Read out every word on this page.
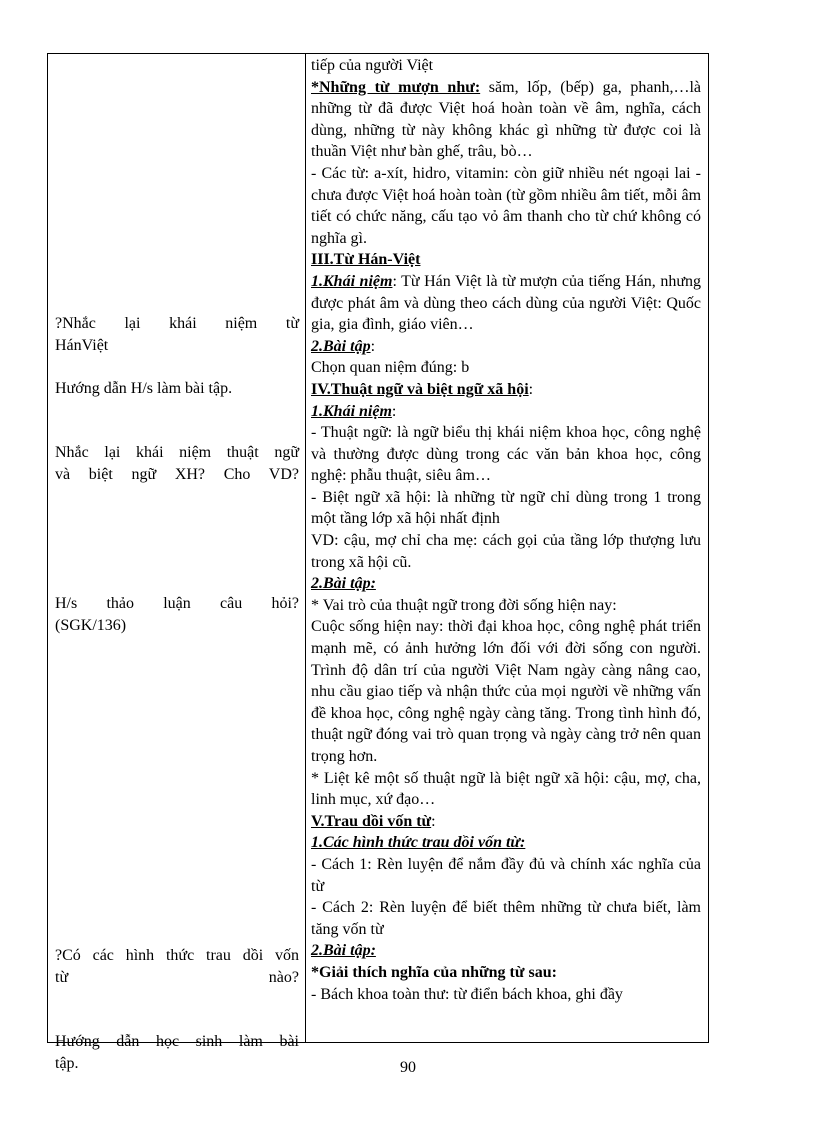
?Nhắc lại khái niệm từ
HánViệt

Hướng dẫn H/s làm bài tập.

Nhắc lại khái niệm thuật ngữ
và biệt ngữ XH? Cho VD?

H/s thảo luận câu hỏi?
(SGK/136)

?Có các hình thức trau dồi vốn
từ nào?

Hướng dẫn học sinh làm bài
tập.

tiếp của người Việt

*Những từ mượn như: săm, lốp, (bếp) ga, phanh,…là những từ đã được Việt hoá hoàn toàn về âm, nghĩa, cách dùng, những từ này không khác gì những từ được coi là thuần Việt như bàn ghế, trâu, bò…

- Các từ: a-xít, hidro, vitamin: còn giữ nhiều nét ngoại lai - chưa được Việt hoá hoàn toàn (từ gồm nhiều âm tiết, mỗi âm tiết có chức năng, cấu tạo vỏ âm thanh cho từ chứ không có nghĩa gì.

III.Từ Hán-Việt

1.Khái niệm: Từ Hán Việt là từ mượn của tiếng Hán, nhưng được phát âm và dùng theo cách dùng của người Việt: Quốc gia, gia đình, giáo viên…

2.Bài tập:

Chọn quan niệm đúng: b

IV.Thuật ngữ và biệt ngữ xã hội:

1.Khái niệm:

- Thuật ngữ: là ngữ biểu thị khái niệm khoa học, công nghệ và thường được dùng trong các văn bản khoa học, công nghệ: phẫu thuật, siêu âm…

- Biệt ngữ xã hội: là những từ ngữ chỉ dùng trong 1 trong một tầng lớp xã hội nhất định

VD: cậu, mợ chỉ cha mẹ: cách gọi của tầng lớp thượng lưu trong xã hội cũ.

2.Bài tập:

* Vai trò của thuật ngữ trong đời sống hiện nay:

Cuộc sống hiện nay: thời đại khoa học, công nghệ phát triển mạnh mẽ, có ảnh hưởng lớn đối với đời sống con người. Trình độ dân trí của người Việt Nam ngày càng nâng cao, nhu cầu giao tiếp và nhận thức của mọi người về những vấn đề khoa học, công nghệ ngày càng tăng. Trong tình hình đó, thuật ngữ đóng vai trò quan trọng và ngày càng trở nên quan trọng hơn.

* Liệt kê một số thuật ngữ là biệt ngữ xã hội: cậu, mợ, cha, linh mục, xứ đạo…

V.Trau dồi vốn từ:

1.Các hình thức trau dồi vốn từ:

- Cách 1: Rèn luyện để nắm đầy đủ và chính xác nghĩa của từ

- Cách 2: Rèn luyện để biết thêm những từ chưa biết, làm tăng vốn từ

2.Bài tập:

*Giải thích nghĩa của những từ sau:

- Bách khoa toàn thư: từ điển bách khoa, ghi đầy

90
